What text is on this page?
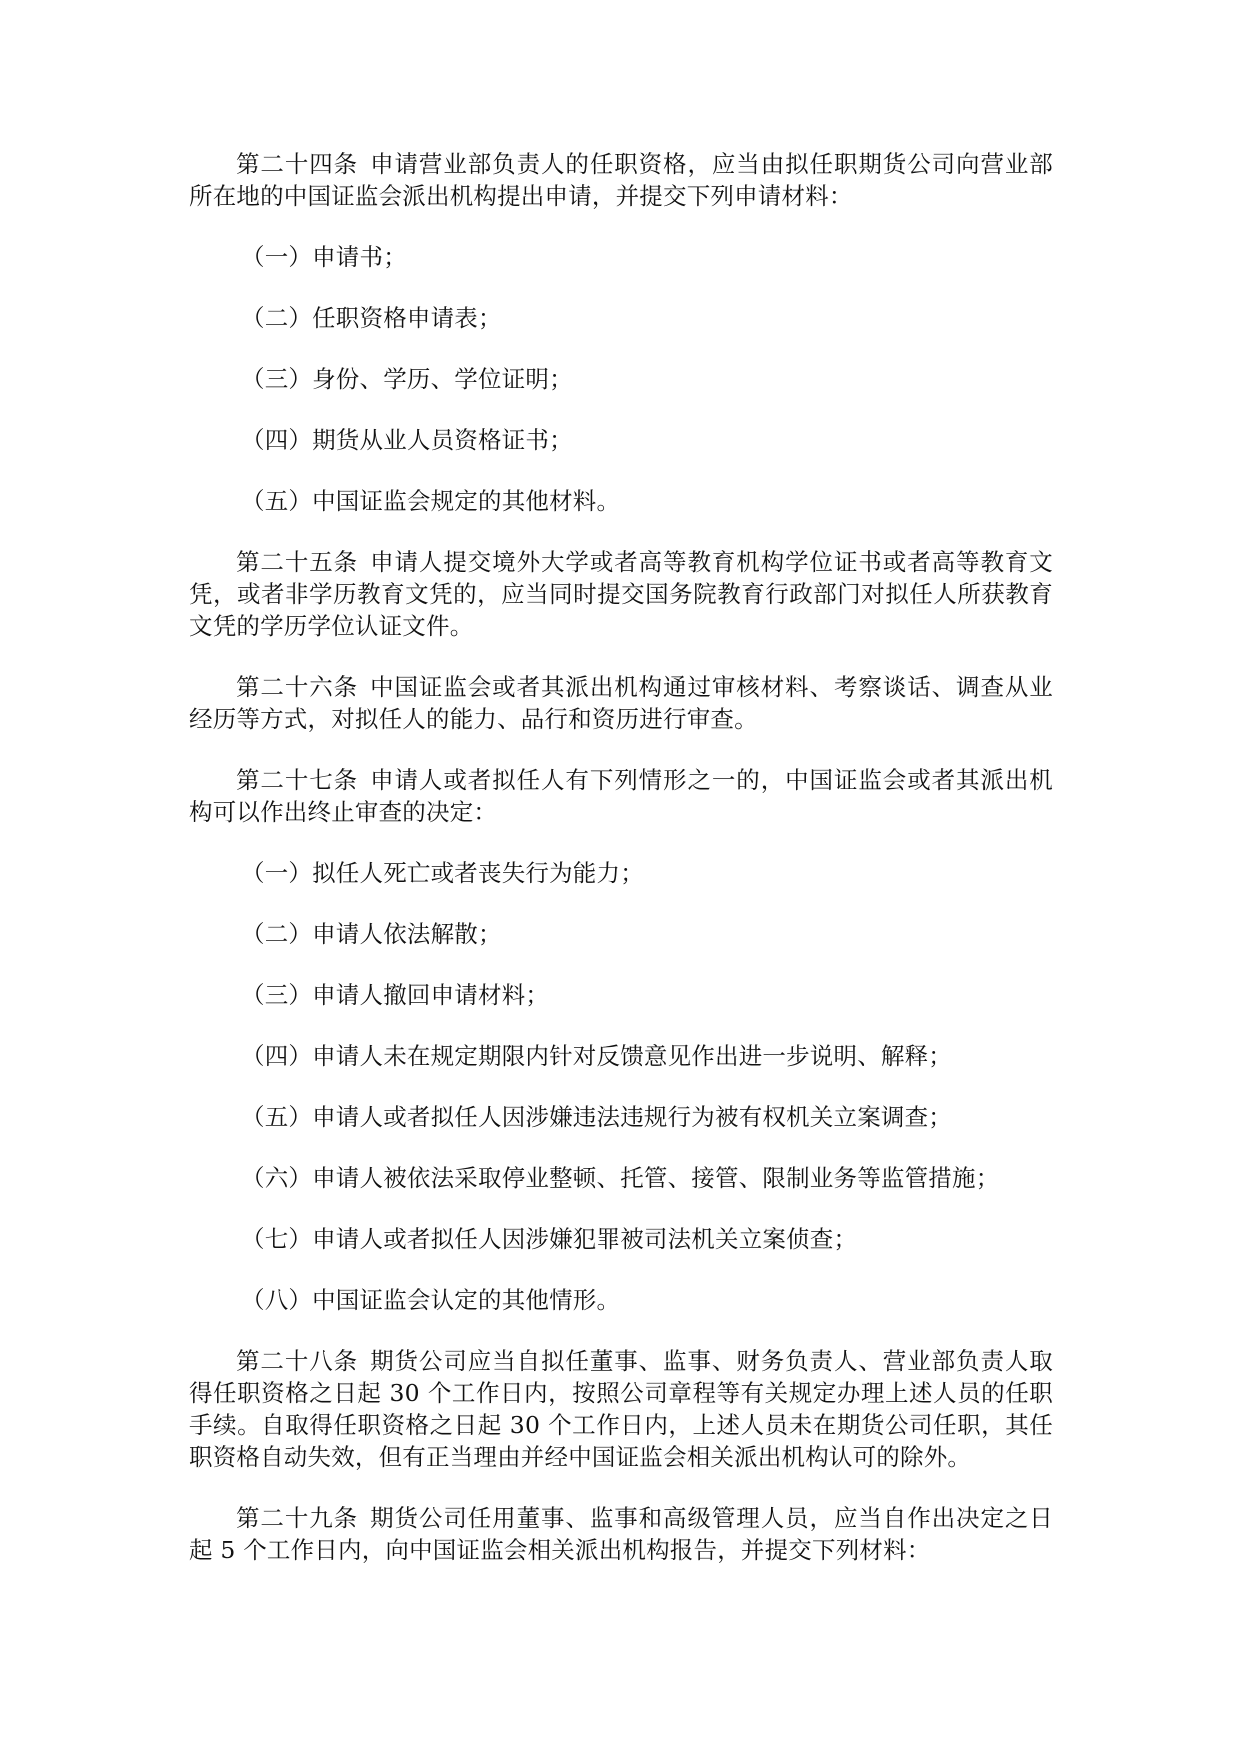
第二十四条 申请营业部负责人的任职资格，应当由拟任职期货公司向营业部所在地的中国证监会派出机构提出申请，并提交下列申请材料：

（一）申请书；

（二）任职资格申请表；

（三）身份、学历、学位证明；

（四）期货从业人员资格证书；

（五）中国证监会规定的其他材料。

第二十五条 申请人提交境外大学或者高等教育机构学位证书或者高等教育文凭，或者非学历教育文凭的，应当同时提交国务院教育行政部门对拟任人所获教育文凭的学历学位认证文件。

第二十六条 中国证监会或者其派出机构通过审核材料、考察谈话、调查从业经历等方式，对拟任人的能力、品行和资历进行审查。

第二十七条 申请人或者拟任人有下列情形之一的，中国证监会或者其派出机构可以作出终止审查的决定：

（一）拟任人死亡或者丧失行为能力；

（二）申请人依法解散；

（三）申请人撤回申请材料；

（四）申请人未在规定期限内针对反馈意见作出进一步说明、解释；

（五）申请人或者拟任人因涉嫌违法违规行为被有权机关立案调查；

（六）申请人被依法采取停业整顿、托管、接管、限制业务等监管措施；

（七）申请人或者拟任人因涉嫌犯罪被司法机关立案侦查；

（八）中国证监会认定的其他情形。

第二十八条 期货公司应当自拟任董事、监事、财务负责人、营业部负责人取得任职资格之日起 30 个工作日内，按照公司章程等有关规定办理上述人员的任职手续。自取得任职资格之日起 30 个工作日内，上述人员未在期货公司任职，其任职资格自动失效，但有正当理由并经中国证监会相关派出机构认可的除外。

第二十九条 期货公司任用董事、监事和高级管理人员，应当自作出决定之日起 5 个工作日内，向中国证监会相关派出机构报告，并提交下列材料：
